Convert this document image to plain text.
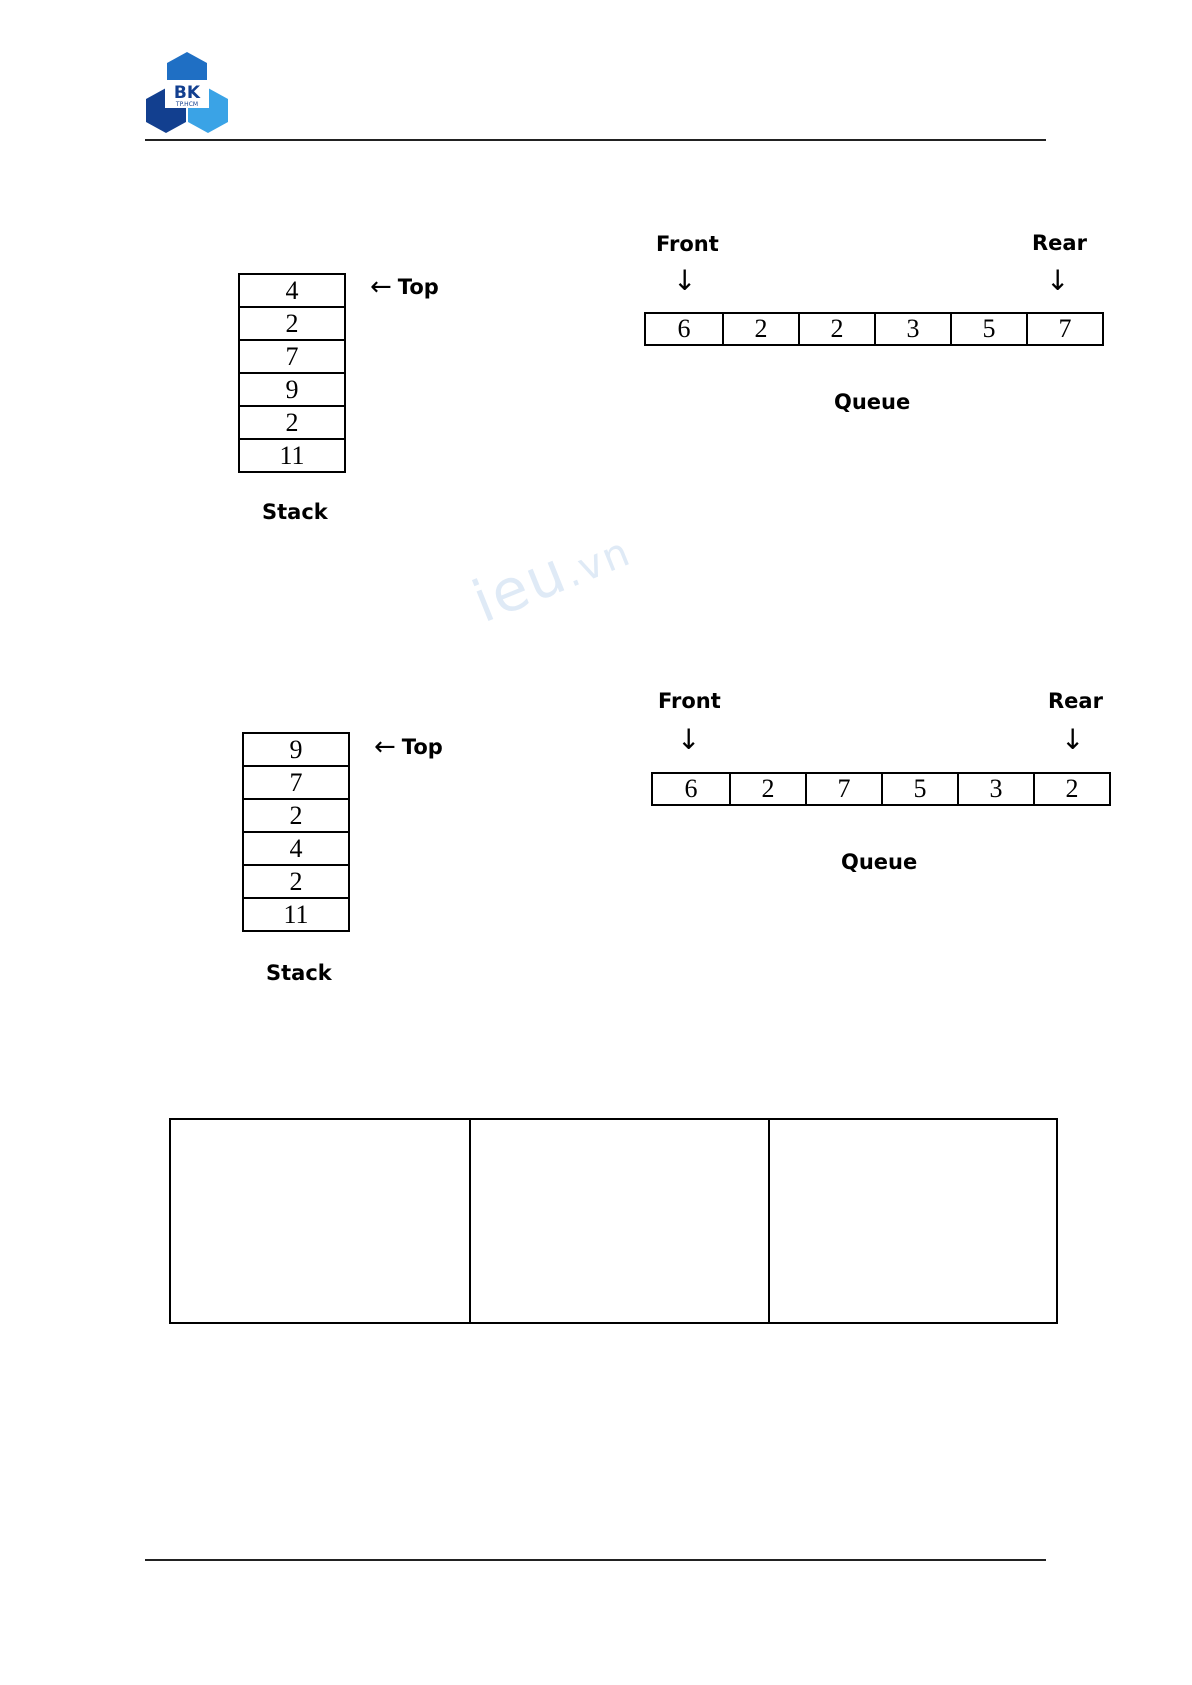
BK
TP.HCM
ieu.vn
4
2
7
9
2
11
← Top
Stack
Front
↓
Rear
↓
6	2	2	3	5	7
Queue
9
7
2
4
2
11
← Top
Stack
Front
↓
Rear
↓
6	2	7	5	3	2
Queue
